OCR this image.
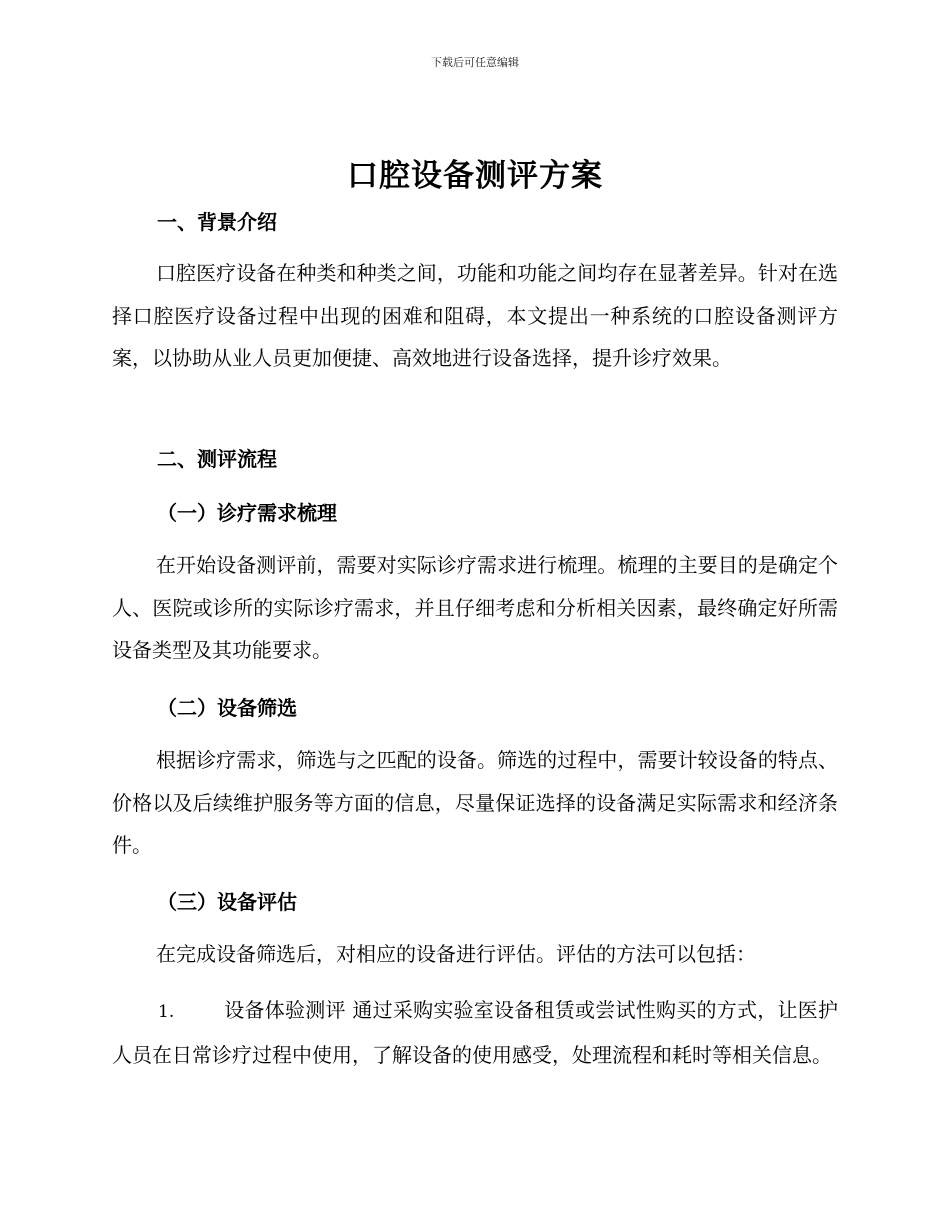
下载后可任意编辑
口腔设备测评方案
一、背景介绍
口腔医疗设备在种类和种类之间，功能和功能之间均存在显著差异。针对在选择口腔医疗设备过程中出现的困难和阻碍，本文提出一种系统的口腔设备测评方案，以协助从业人员更加便捷、高效地进行设备选择，提升诊疗效果。
二、测评流程
（一）诊疗需求梳理
在开始设备测评前，需要对实际诊疗需求进行梳理。梳理的主要目的是确定个人、医院或诊所的实际诊疗需求，并且仔细考虑和分析相关因素，最终确定好所需设备类型及其功能要求。
（二）设备筛选
根据诊疗需求，筛选与之匹配的设备。筛选的过程中，需要计较设备的特点、价格以及后续维护服务等方面的信息，尽量保证选择的设备满足实际需求和经济条件。
（三）设备评估
在完成设备筛选后，对相应的设备进行评估。评估的方法可以包括：
1. 设备体验测评 通过采购实验室设备租赁或尝试性购买的方式，让医护人员在日常诊疗过程中使用，了解设备的使用感受，处理流程和耗时等相关信息。
